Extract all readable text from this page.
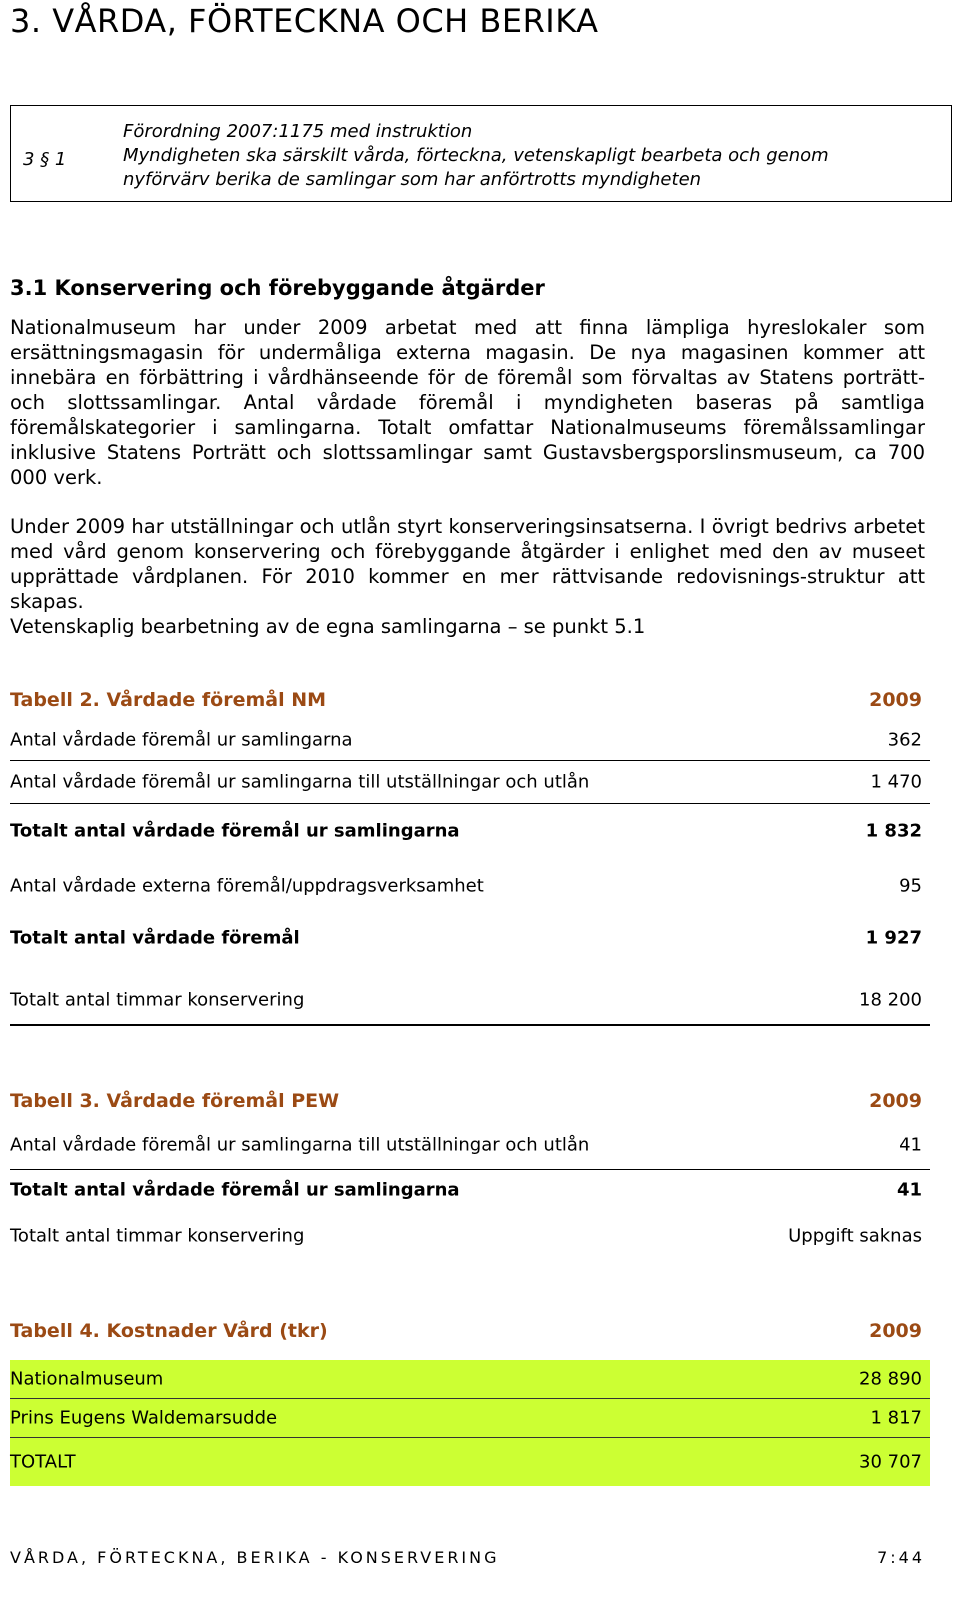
3. VÅRDA, FÖRTECKNA OCH BERIKA
3 § 1
Förordning 2007:1175 med instruktion
Myndigheten ska särskilt vårda, förteckna, vetenskapligt bearbeta och genom
nyförvärv berika de samlingar som har anförtrotts myndigheten
3.1 Konservering och förebyggande åtgärder

Nationalmuseum har under 2009 arbetat med att finna lämpliga hyreslokaler som ersättningsmagasin för undermåliga externa magasin. De nya magasinen kommer att innebära en förbättring i vårdhänseende för de föremål som förvaltas av Statens porträtt- och slottssamlingar. Antal vårdade föremål i myndigheten baseras på samtliga föremålskategorier i samlingarna. Totalt omfattar Nationalmuseums föremålssamlingar inklusive Statens Porträtt och slottssamlingar samt Gustavsbergsporslinsmuseum, ca 700 000 verk.

Under 2009 har utställningar och utlån styrt konserveringsinsatserna. I övrigt bedrivs arbetet med vård genom konservering och förebyggande åtgärder i enlighet med den av museet upprättade vårdplanen. För 2010 kommer en mer rättvisande redovisnings-struktur att skapas.

Vetenskaplig bearbetning av de egna samlingarna – se punkt 5.1

Tabell 2. Vårdade föremål NM	2009
Antal vårdade föremål ur samlingarna	362
Antal vårdade föremål ur samlingarna till utställningar och utlån	1 470
Totalt antal vårdade föremål ur samlingarna	1 832
Antal vårdade externa föremål/uppdragsverksamhet	95
Totalt antal vårdade föremål	1 927
Totalt antal timmar konservering	18 200
Tabell 3. Vårdade föremål PEW	2009
Antal vårdade föremål ur samlingarna till utställningar och utlån	41
Totalt antal vårdade föremål ur samlingarna	41
Totalt antal timmar konservering	Uppgift saknas
Tabell 4. Kostnader Vård (tkr)	2009
Nationalmuseum	28 890
Prins Eugens Waldemarsudde	1 817
TOTALT	30 707
VÅRDA, FÖRTECKNA, BERIKA - KONSERVERING	7:44
